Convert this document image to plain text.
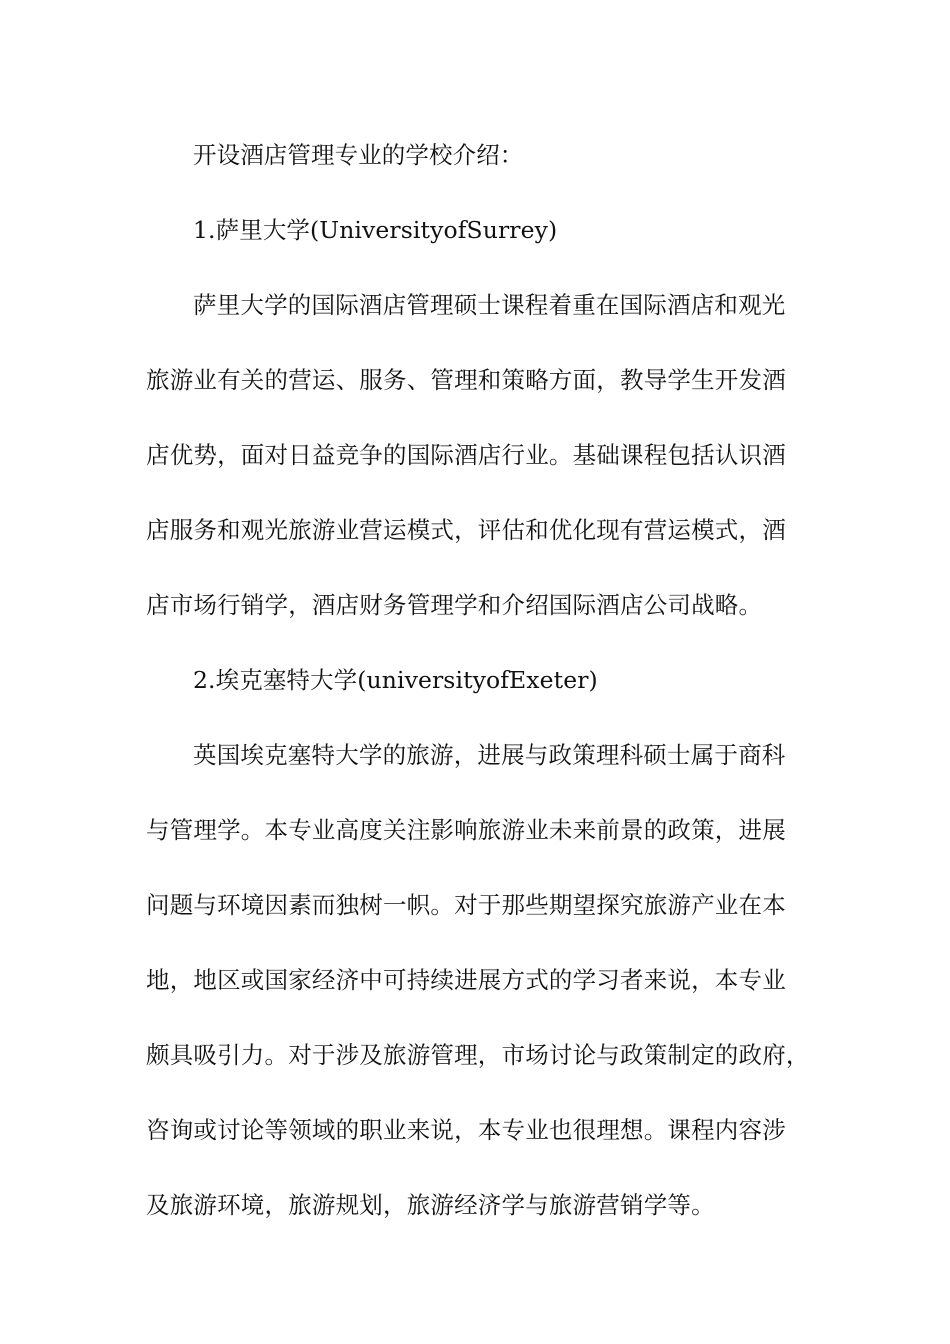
开设酒店管理专业的学校介绍：
1.萨里大学(UniversityofSurrey)
萨里大学的国际酒店管理硕士课程着重在国际酒店和观光
旅游业有关的营运、服务、管理和策略方面，教导学生开发酒
店优势，面对日益竞争的国际酒店行业。基础课程包括认识酒
店服务和观光旅游业营运模式，评估和优化现有营运模式，酒
店市场行销学，酒店财务管理学和介绍国际酒店公司战略。
2.埃克塞特大学(universityofExeter)
英国埃克塞特大学的旅游，进展与政策理科硕士属于商科
与管理学。本专业高度关注影响旅游业未来前景的政策，进展
问题与环境因素而独树一帜。对于那些期望探究旅游产业在本
地，地区或国家经济中可持续进展方式的学习者来说，本专业
颇具吸引力。对于涉及旅游管理，市场讨论与政策制定的政府，
咨询或讨论等领域的职业来说，本专业也很理想。课程内容涉
及旅游环境，旅游规划，旅游经济学与旅游营销学等。
